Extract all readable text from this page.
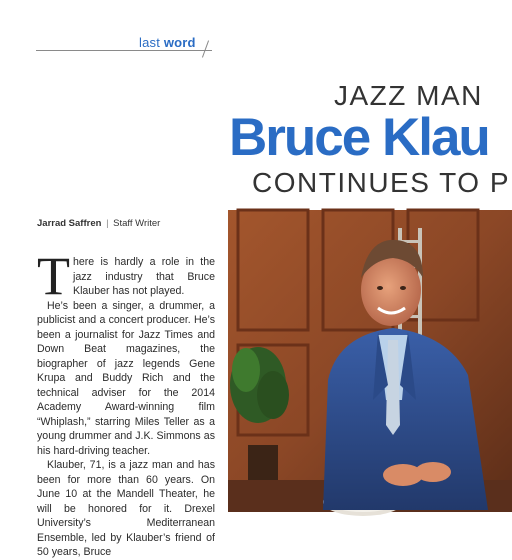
last word
JAZZ MAN
Bruce Klau
CONTINUES TO P
Jarrad Saffren | Staff Writer

There is hardly a role in the jazz industry that Bruce Klauber has not played.

He’s been a singer, a drummer, a publicist and a concert producer. He’s been a journalist for Jazz Times and Down Beat magazines, the biographer of jazz legends Gene Krupa and Buddy Rich and the technical adviser for the 2014 Academy Award-winning film “Whiplash,” starring Miles Teller as a young drummer and J.K. Simmons as his hard-driving teacher.

Klauber, 71, is a jazz man and has been for more than 60 years. On June 10 at the Mandell Theater, he will be honored for it. Drexel University’s Mediterranean Ensemble, led by Klauber’s friend of 50 years, Bruce
